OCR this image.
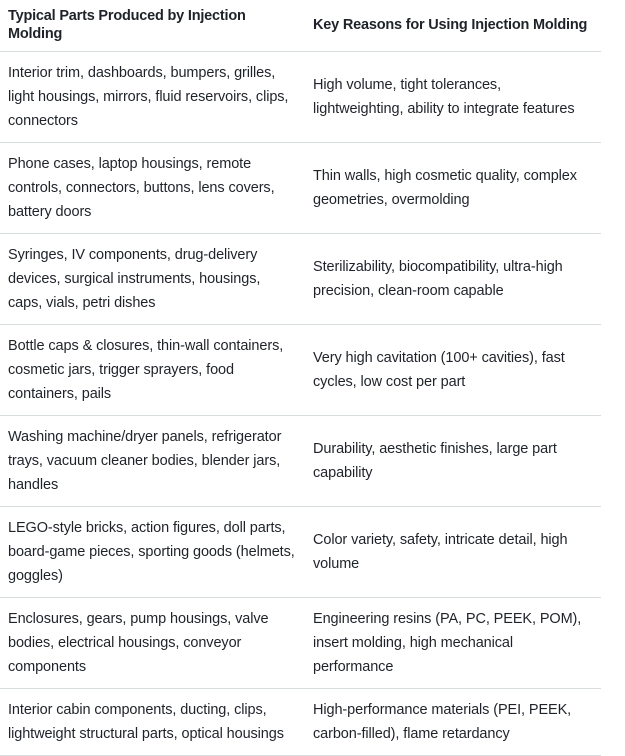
Typical Parts Produced by Injection Molding	Key Reasons for Using Injection Molding
Interior trim, dashboards, bumpers, grilles, light housings, mirrors, fluid reservoirs, clips, connectors	High volume, tight tolerances, lightweighting, ability to integrate features
Phone cases, laptop housings, remote controls, connectors, buttons, lens covers, battery doors	Thin walls, high cosmetic quality, complex geometries, overmolding
Syringes, IV components, drug-delivery devices, surgical instruments, housings, caps, vials, petri dishes	Sterilizability, biocompatibility, ultra-high precision, clean-room capable
Bottle caps & closures, thin-wall containers, cosmetic jars, trigger sprayers, food containers, pails	Very high cavitation (100+ cavities), fast cycles, low cost per part
Washing machine/dryer panels, refrigerator trays, vacuum cleaner bodies, blender jars, handles	Durability, aesthetic finishes, large part capability
LEGO-style bricks, action figures, doll parts, board-game pieces, sporting goods (helmets, goggles)	Color variety, safety, intricate detail, high volume
Enclosures, gears, pump housings, valve bodies, electrical housings, conveyor components	Engineering resins (PA, PC, PEEK, POM), insert molding, high mechanical performance
Interior cabin components, ducting, clips, lightweight structural parts, optical housings	High-performance materials (PEI, PEEK, carbon-filled), flame retardancy
